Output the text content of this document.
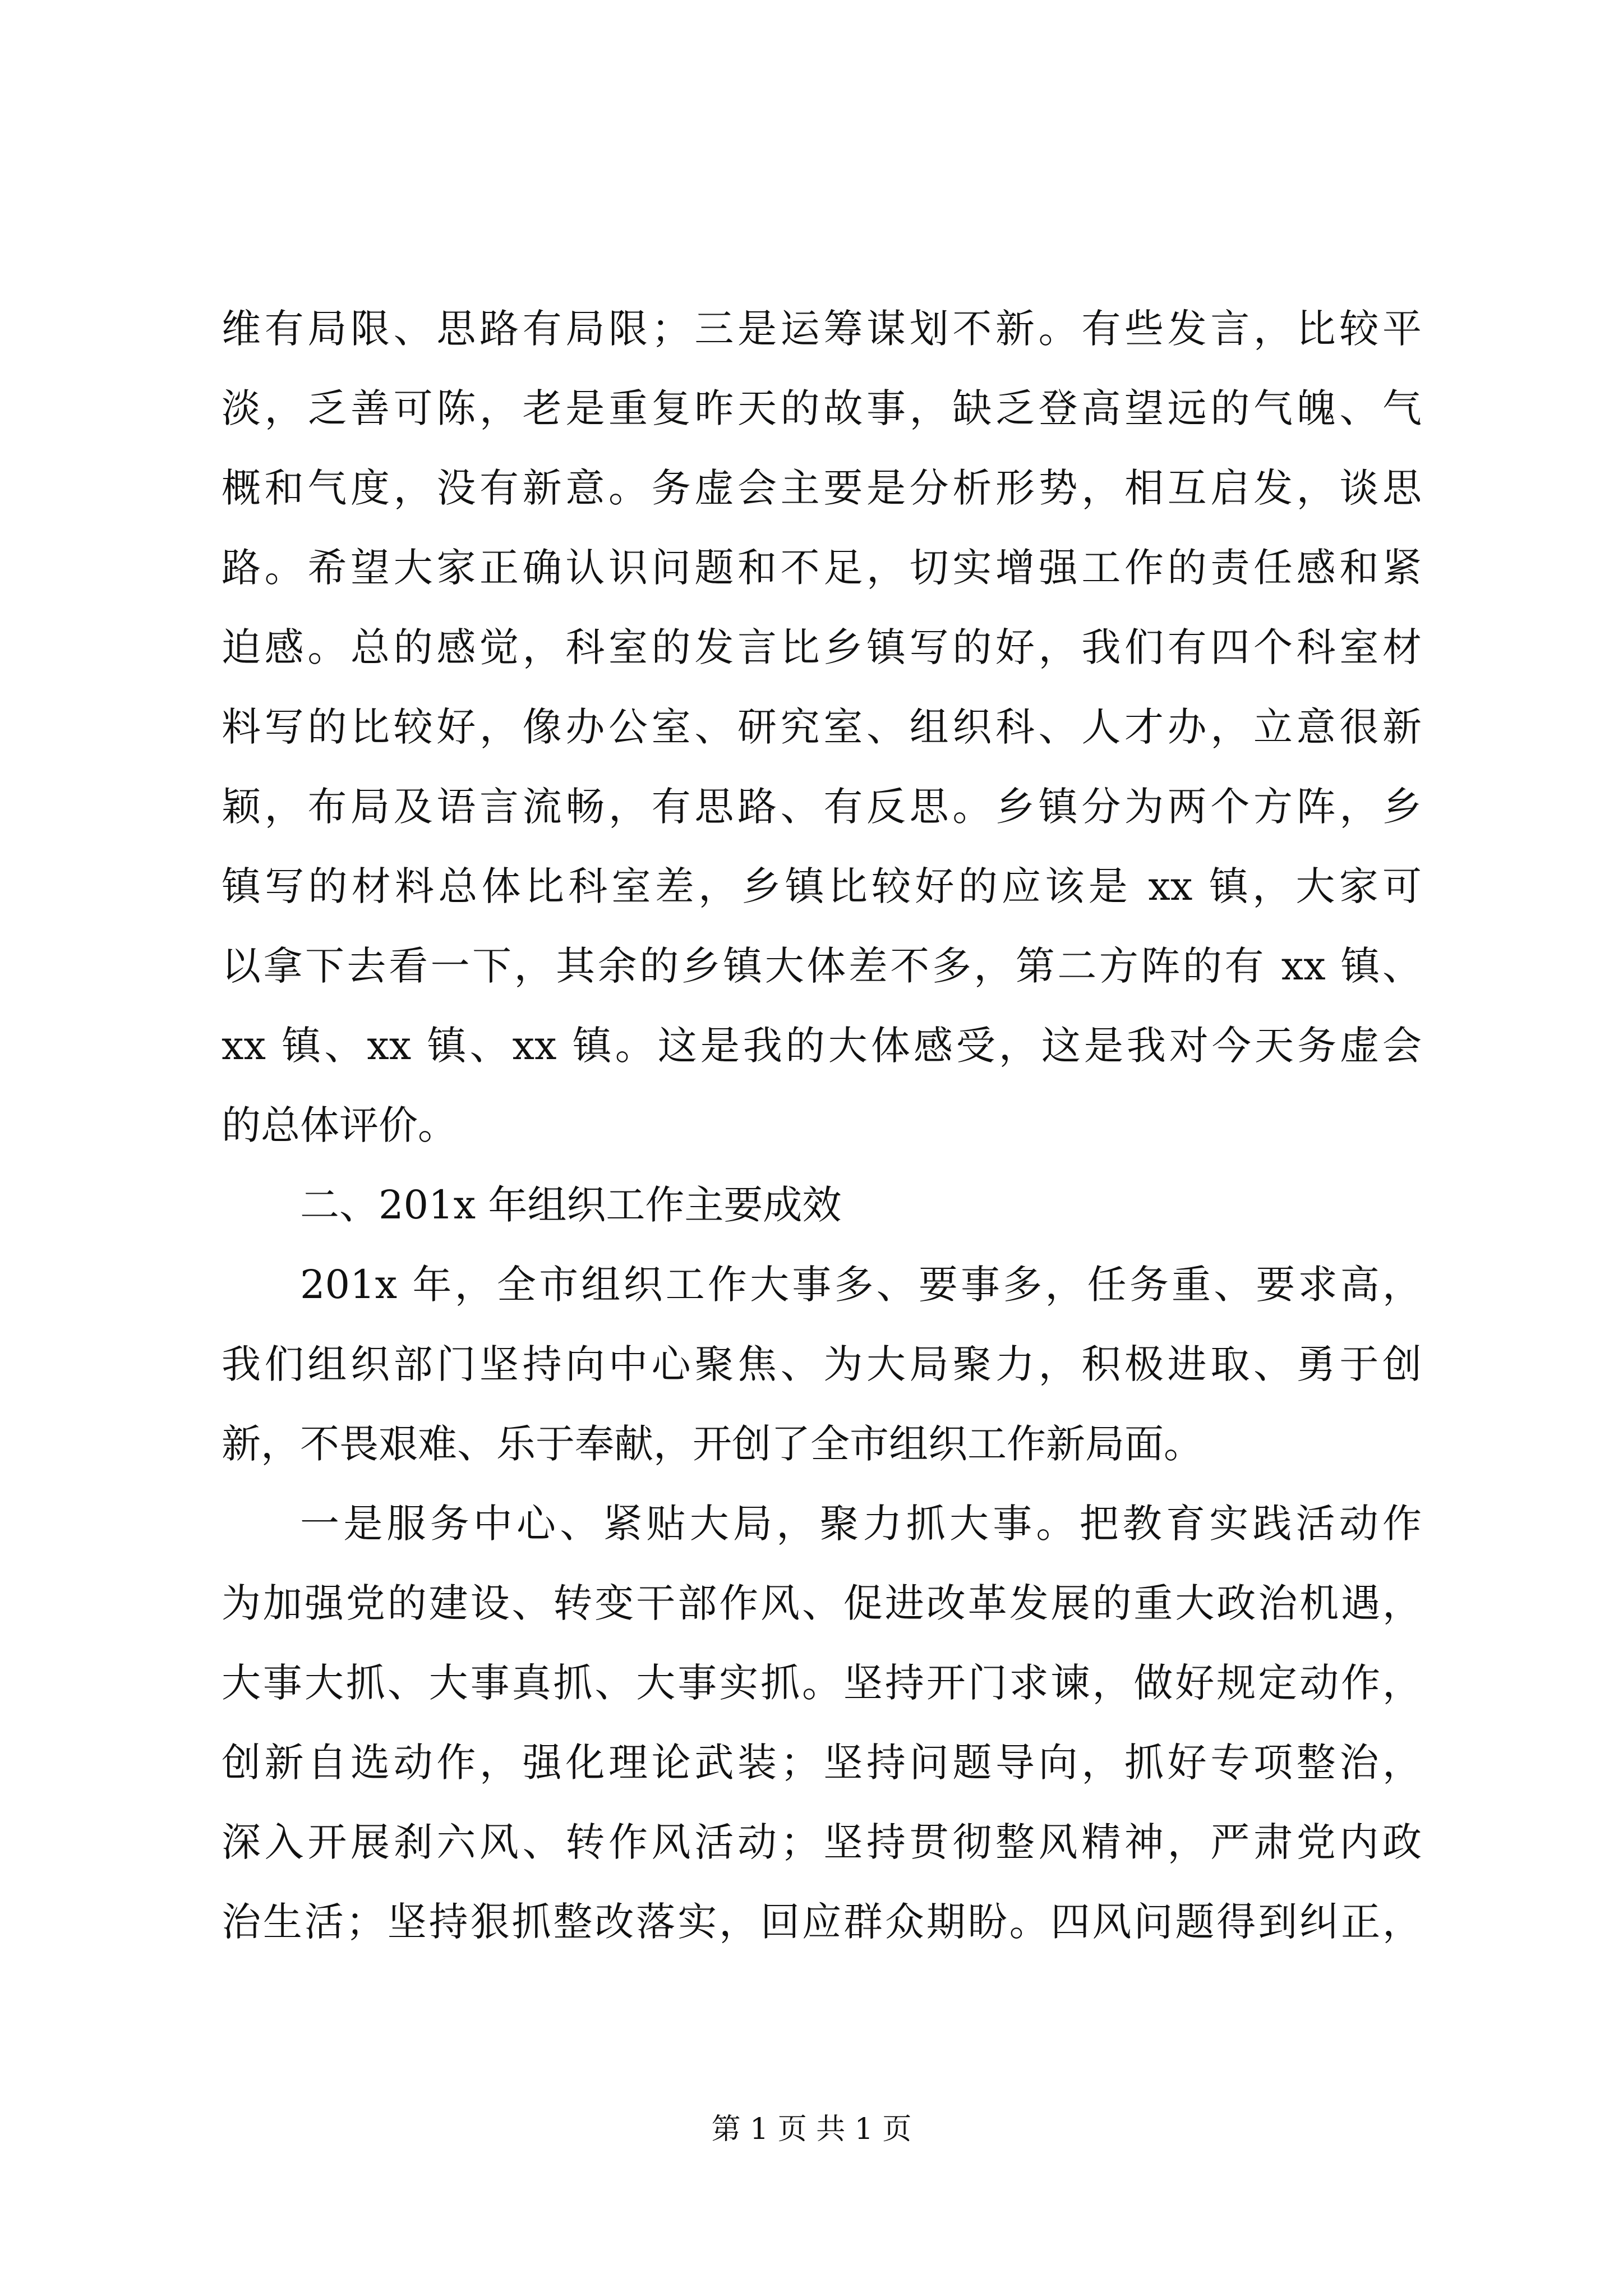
维有局限、思路有局限；三是运筹谋划不新。有些发言，比较平
淡，乏善可陈，老是重复昨天的故事，缺乏登高望远的气魄、气
概和气度，没有新意。务虚会主要是分析形势，相互启发，谈思
路。希望大家正确认识问题和不足，切实增强工作的责任感和紧
迫感。总的感觉，科室的发言比乡镇写的好，我们有四个科室材
料写的比较好，像办公室、研究室、组织科、人才办，立意很新
颖，布局及语言流畅，有思路、有反思。乡镇分为两个方阵，乡
镇写的材料总体比科室差，乡镇比较好的应该是 xx 镇，大家可
以拿下去看一下，其余的乡镇大体差不多，第二方阵的有 xx 镇、
xx 镇、xx 镇、xx 镇。这是我的大体感受，这是我对今天务虚会
的总体评价。
二、201x 年组织工作主要成效
201x 年，全市组织工作大事多、要事多，任务重、要求高，
我们组织部门坚持向中心聚焦、为大局聚力，积极进取、勇于创
新，不畏艰难、乐于奉献，开创了全市组织工作新局面。
一是服务中心、紧贴大局，聚力抓大事。把教育实践活动作
为加强党的建设、转变干部作风、促进改革发展的重大政治机遇，
大事大抓、大事真抓、大事实抓。坚持开门求谏，做好规定动作，
创新自选动作，强化理论武装；坚持问题导向，抓好专项整治，
深入开展刹六风、转作风活动；坚持贯彻整风精神，严肃党内政
治生活；坚持狠抓整改落实，回应群众期盼。四风问题得到纠正，
第 1 页 共 1 页
